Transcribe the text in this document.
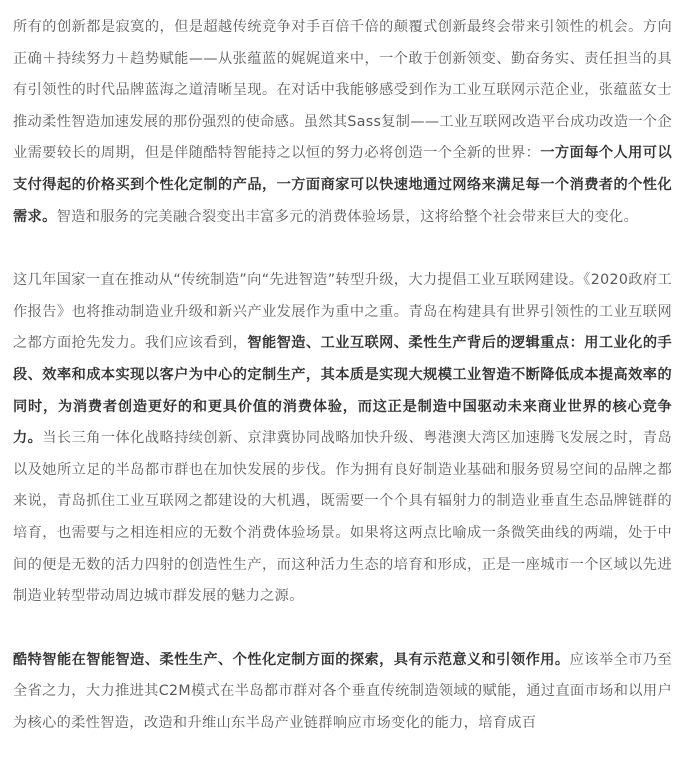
所有的创新都是寂寞的，但是超越传统竞争对手百倍千倍的颠覆式创新最终会带来引领性的机会。方向正确＋持续努力＋趋势赋能——从张蕴蓝的娓娓道来中，一个敢于创新领变、勤奋务实、责任担当的具有引领性的时代品牌蓝海之道清晰呈现。在对话中我能够感受到作为工业互联网示范企业，张蕴蓝女士推动柔性智造加速发展的那份强烈的使命感。虽然其Sass复制——工业互联网改造平台成功改造一个企业需要较长的周期，但是伴随酷特智能持之以恒的努力必将创造一个全新的世界：一方面每个人用可以支付得起的价格买到个性化定制的产品，一方面商家可以快速地通过网络来满足每一个消费者的个性化需求。智造和服务的完美融合裂变出丰富多元的消费体验场景，这将给整个社会带来巨大的变化。

这几年国家一直在推动从“传统制造”向“先进智造”转型升级，大力提倡工业互联网建设。《2020政府工作报告》也将推动制造业升级和新兴产业发展作为重中之重。青岛在构建具有世界引领性的工业互联网之都方面抢先发力。我们应该看到，智能智造、工业互联网、柔性生产背后的逻辑重点：用工业化的手段、效率和成本实现以客户为中心的定制生产，其本质是实现大规模工业智造不断降低成本提高效率的同时，为消费者创造更好的和更具价值的消费体验，而这正是制造中国驱动未来商业世界的核心竞争力。当长三角一体化战略持续创新、京津冀协同战略加快升级、粤港澳大湾区加速腾飞发展之时，青岛以及她所立足的半岛都市群也在加快发展的步伐。作为拥有良好制造业基础和服务贸易空间的品牌之都来说，青岛抓住工业互联网之都建设的大机遇，既需要一个个具有辐射力的制造业垂直生态品牌链群的培育，也需要与之相连相应的无数个消费体验场景。如果将这两点比喻成一条微笑曲线的两端，处于中间的便是无数的活力四射的创造性生产，而这种活力生态的培育和形成，正是一座城市一个区域以先进制造业转型带动周边城市群发展的魅力之源。

酷特智能在智能智造、柔性生产、个性化定制方面的探索，具有示范意义和引领作用。应该举全市乃至全省之力，大力推进其C2M模式在半岛都市群对各个垂直传统制造领域的赋能，通过直面市场和以用户为核心的柔性智造，改造和升维山东半岛产业链群响应市场变化的能力，培育成百
